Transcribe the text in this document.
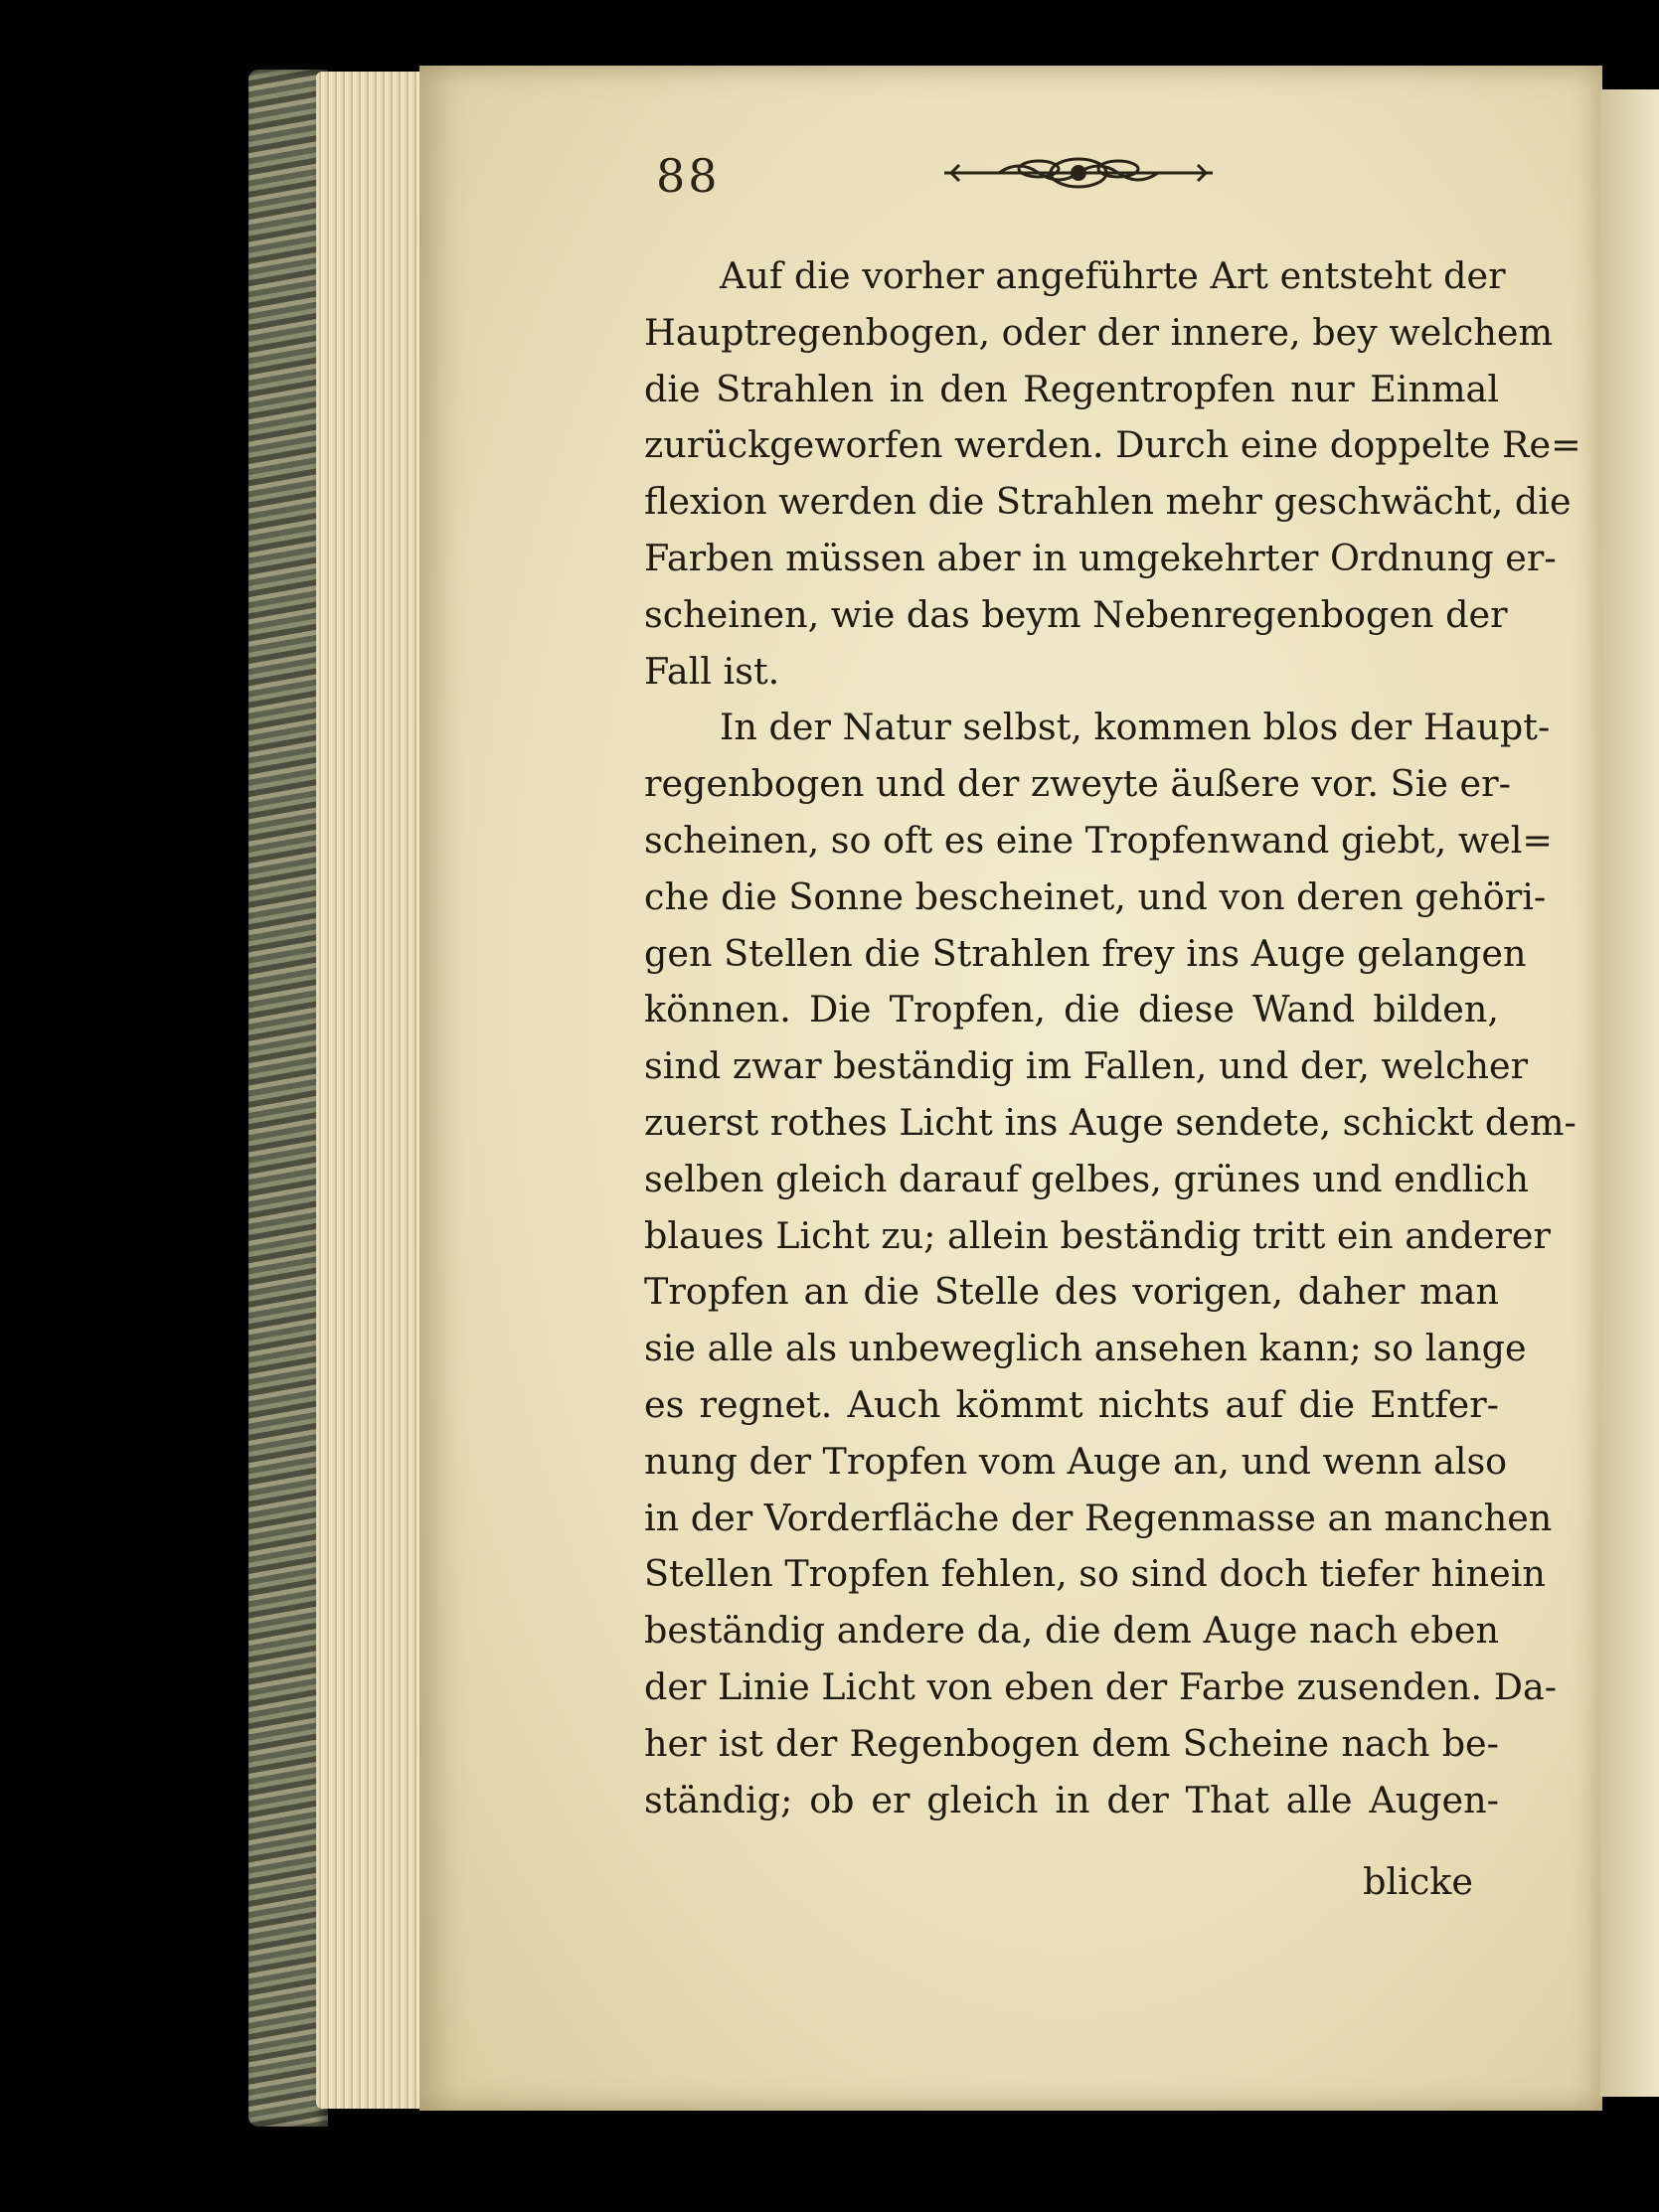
88
Auf die vorher angeführte Art entsteht der
Hauptregenbogen, oder der innere, bey welchem
die Strahlen in den Regentropfen nur Einmal
zurückgeworfen werden. Durch eine doppelte Re=
flexion werden die Strahlen mehr geschwächt, die
Farben müssen aber in umgekehrter Ordnung er-
scheinen, wie das beym Nebenregenbogen der
Fall ist.
In der Natur selbst, kommen blos der Haupt-
regenbogen und der zweyte äußere vor. Sie er-
scheinen, so oft es eine Tropfenwand giebt, wel=
che die Sonne bescheinet, und von deren gehöri-
gen Stellen die Strahlen frey ins Auge gelangen
können. Die Tropfen, die diese Wand bilden,
sind zwar beständig im Fallen, und der, welcher
zuerst rothes Licht ins Auge sendete, schickt dem-
selben gleich darauf gelbes, grünes und endlich
blaues Licht zu; allein beständig tritt ein anderer
Tropfen an die Stelle des vorigen, daher man
sie alle als unbeweglich ansehen kann; so lange
es regnet. Auch kömmt nichts auf die Entfer-
nung der Tropfen vom Auge an, und wenn also
in der Vorderfläche der Regenmasse an manchen
Stellen Tropfen fehlen, so sind doch tiefer hinein
beständig andere da, die dem Auge nach eben
der Linie Licht von eben der Farbe zusenden. Da-
her ist der Regenbogen dem Scheine nach be-
ständig; ob er gleich in der That alle Augen-
blicke
